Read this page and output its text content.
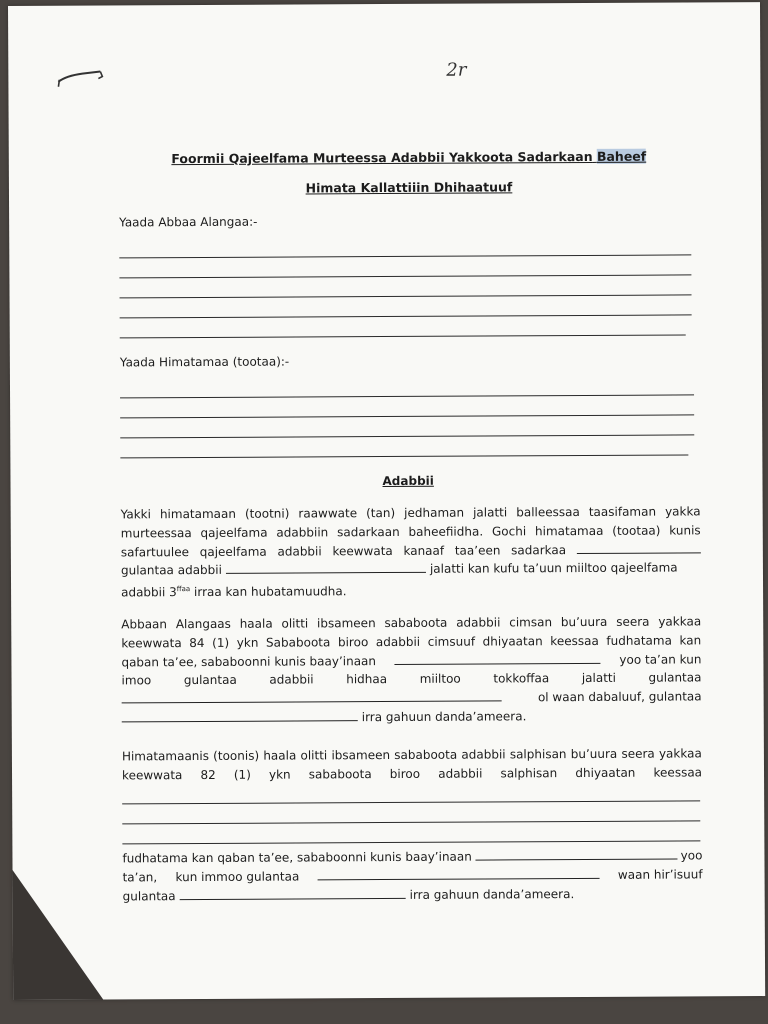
2r
Foormii Qajeelfama Murteessa Adabbii Yakkoota Sadarkaan Baheef
Himata Kallattiiin Dhihaatuuf
Yaada Abbaa Alangaa:-
Yaada Himatamaa (tootaa):-
Adabbii
Yakki himatamaan (tootni) raawwate (tan) jedhaman jalatti balleessaa taasifaman yakka
murteessaa qajeelfama adabbiin sadarkaan baheefiidha. Gochi himatamaa (tootaa) kunis
safartuulee qajeelfama adabbii keewwata kanaaf taa’een sadarkaa
gulantaa adabbii	jalatti kan kufu ta’uun miiltoo qajeelfama
adabbii $3^{ffaa}$ irraa kan hubatamuudha.
Abbaan Alangaas haala olitti ibsameen sababoota adabbii cimsan bu’uura seera yakkaa
keewwata 84 (1) ykn Sababoota biroo adabbii cimsuuf dhiyaatan keessaa fudhatama kan
qaban ta’ee, sababoonni kunis baay’inaan	yoo ta’an kun
imoo	gulantaa	adabbii	hidhaa	miiltoo	tokkoffaa	jalatti	gulantaa
ol waan dabaluuf, gulantaa
irra gahuun danda’ameera.
Himatamaanis (toonis) haala olitti ibsameen sababoota adabbii salphisan bu’uura seera yakkaa
keewwata 82 (1) ykn sababoota biroo adabbii salphisan dhiyaatan keessaa
fudhatama kan qaban ta’ee, sababoonni kunis baay’inaan	yoo
ta’an, kun immoo gulantaa	waan hir’isuuf
gulantaa	irra gahuun danda’ameera.
